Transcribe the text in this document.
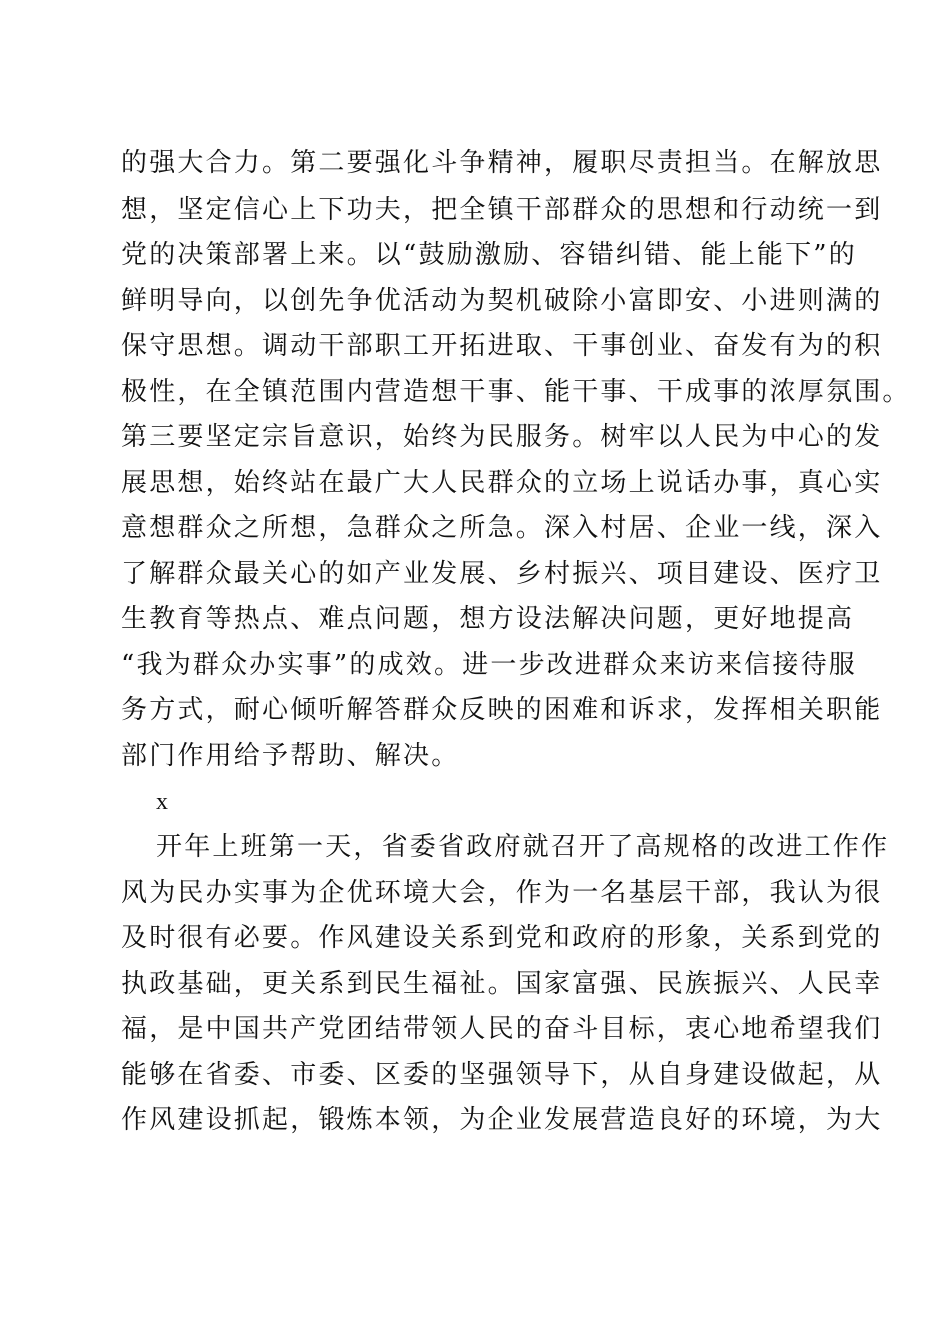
的强大合力。第二要强化斗争精神，履职尽责担当。在解放思
想，坚定信心上下功夫，把全镇干部群众的思想和行动统一到
党的决策部署上来。以“鼓励激励、容错纠错、能上能下”的
鲜明导向，以创先争优活动为契机破除小富即安、小进则满的
保守思想。调动干部职工开拓进取、干事创业、奋发有为的积
极性，在全镇范围内营造想干事、能干事、干成事的浓厚氛围。
第三要坚定宗旨意识，始终为民服务。树牢以人民为中心的发
展思想，始终站在最广大人民群众的立场上说话办事，真心实
意想群众之所想，急群众之所急。深入村居、企业一线，深入
了解群众最关心的如产业发展、乡村振兴、项目建设、医疗卫
生教育等热点、难点问题，想方设法解决问题，更好地提高
“我为群众办实事”的成效。进一步改进群众来访来信接待服
务方式，耐心倾听解答群众反映的困难和诉求，发挥相关职能
部门作用给予帮助、解决。
x
开年上班第一天，省委省政府就召开了高规格的改进工作作
风为民办实事为企优环境大会，作为一名基层干部，我认为很
及时很有必要。作风建设关系到党和政府的形象，关系到党的
执政基础，更关系到民生福祉。国家富强、民族振兴、人民幸
福，是中国共产党团结带领人民的奋斗目标，衷心地希望我们
能够在省委、市委、区委的坚强领导下，从自身建设做起，从
作风建设抓起，锻炼本领，为企业发展营造良好的环境，为大
